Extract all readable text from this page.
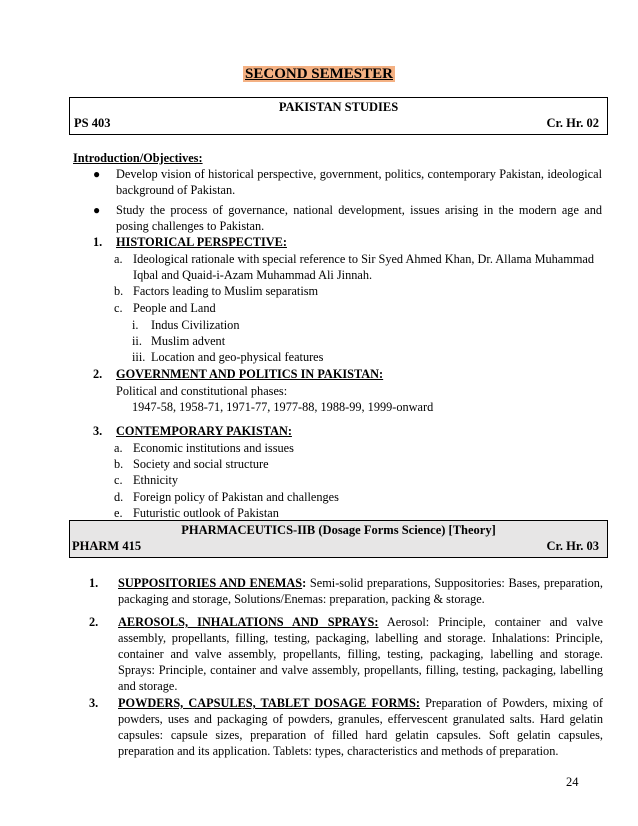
SECOND SEMESTER
PAKISTAN STUDIES
PS 403	Cr. Hr. 02
Introduction/Objectives:
● Develop vision of historical perspective, government, politics, contemporary Pakistan, ideological background of Pakistan.
● Study the process of governance, national development, issues arising in the modern age and posing challenges to Pakistan.
1. HISTORICAL PERSPECTIVE:
a. Ideological rationale with special reference to Sir Syed Ahmed Khan, Dr. Allama Muhammad Iqbal and Quaid-i-Azam Muhammad Ali Jinnah.
b. Factors leading to Muslim separatism
c. People and Land
i. Indus Civilization
ii. Muslim advent
iii. Location and geo-physical features
2. GOVERNMENT AND POLITICS IN PAKISTAN:
Political and constitutional phases:
1947-58, 1958-71, 1971-77, 1977-88, 1988-99, 1999-onward
3. CONTEMPORARY PAKISTAN:
a. Economic institutions and issues
b. Society and social structure
c. Ethnicity
d. Foreign policy of Pakistan and challenges
e. Futuristic outlook of Pakistan
PHARMACEUTICS-IIB (Dosage Forms Science) [Theory]
PHARM 415	Cr. Hr. 03
1. SUPPOSITORIES AND ENEMAS: Semi-solid preparations, Suppositories: Bases, preparation, packaging and storage, Solutions/Enemas: preparation, packing & storage.
2. AEROSOLS, INHALATIONS AND SPRAYS: Aerosol: Principle, container and valve assembly, propellants, filling, testing, packaging, labelling and storage. Inhalations: Principle, container and valve assembly, propellants, filling, testing, packaging, labelling and storage. Sprays: Principle, container and valve assembly, propellants, filling, testing, packaging, labelling and storage.
3. POWDERS, CAPSULES, TABLET DOSAGE FORMS: Preparation of Powders, mixing of powders, uses and packaging of powders, granules, effervescent granulated salts. Hard gelatin capsules: capsule sizes, preparation of filled hard gelatin capsules. Soft gelatin capsules, preparation and its application. Tablets: types, characteristics and methods of preparation.
24
